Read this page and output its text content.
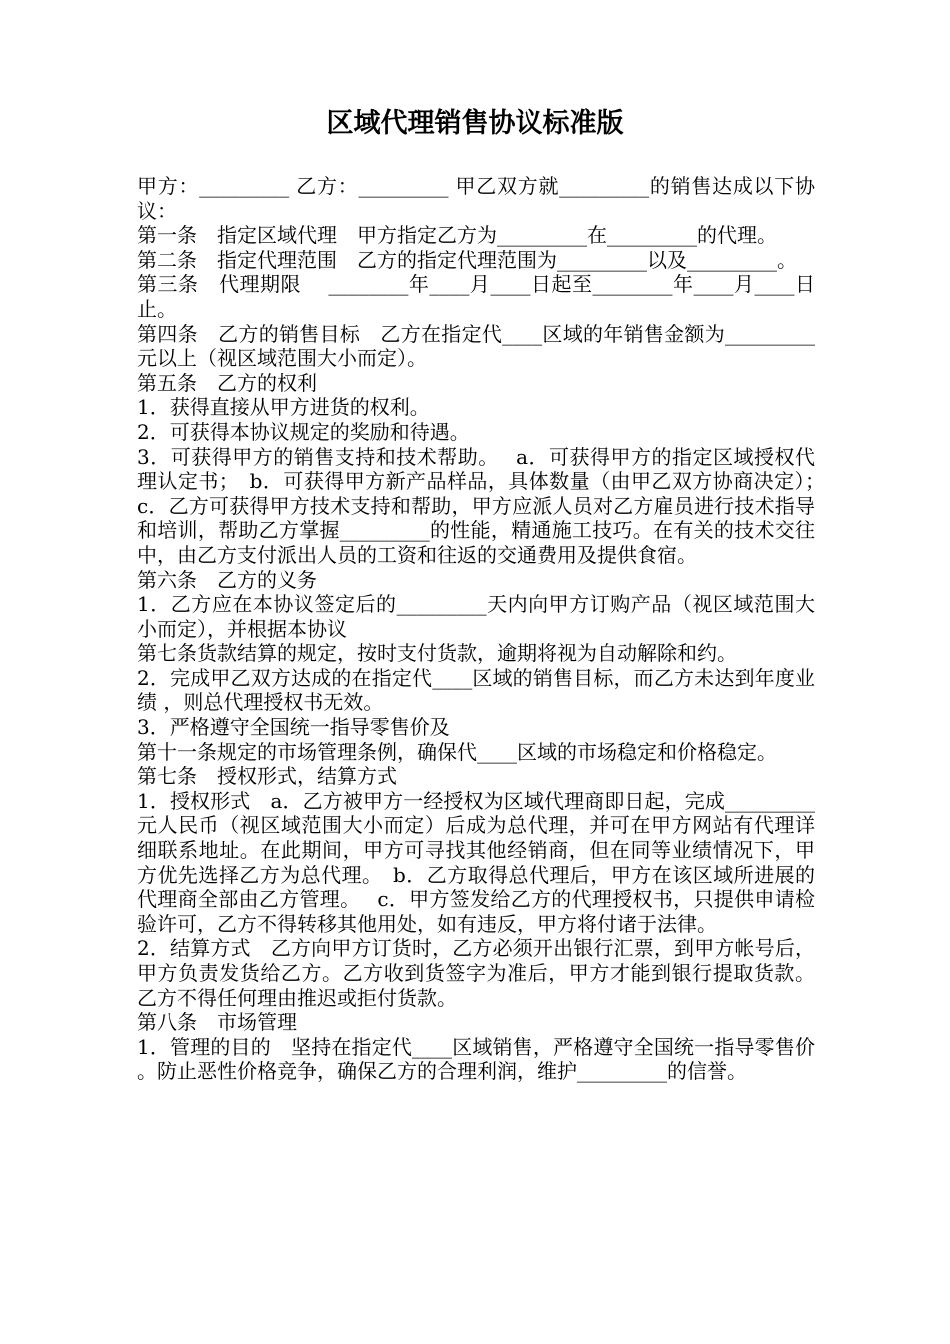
区域代理销售协议标准版

甲方：_________ 乙方：_________ 甲乙双方就_________的销售达成以下协议：

第一条　指定区域代理　甲方指定乙方为_________在_________的代理。

第二条　指定代理范围　乙方的指定代理范围为_________以及_________。

第三条　代理期限　 ________年____月____日起至________年____月____日止。

第四条　乙方的销售目标　乙方在指定代____区域的年销售金额为_________元以上（视区域范围大小而定）。

第五条　乙方的权利

1．获得直接从甲方进货的权利。

2．可获得本协议规定的奖励和待遇。

3．可获得甲方的销售支持和技术帮助。　 a．可获得甲方的指定区域授权代理认定书；　b．可获得甲方新产品样品，具体数量（由甲乙双方协商决定）；　 c．乙方可获得甲方技术支持和帮助，甲方应派人员对乙方雇员进行技术指导和培训，帮助乙方掌握_________的性能，精通施工技巧。在有关的技术交往中，由乙方支付派出人员的工资和往返的交通费用及提供食宿。

第六条　乙方的义务

1．乙方应在本协议签定后的_________天内向甲方订购产品（视区域范围大小而定），并根据本协议

第七条货款结算的规定，按时支付货款，逾期将视为自动解除和约。

2．完成甲乙双方达成的在指定代____区域的销售目标，而乙方未达到年度业绩 ，则总代理授权书无效。

3．严格遵守全国统一指导零售价及

第十一条规定的市场管理条例，确保代____区域的市场稳定和价格稳定。

第七条　授权形式，结算方式

1．授权形式　a．乙方被甲方一经授权为区域代理商即日起，完成_________元人民币（视区域范围大小而定）后成为总代理，并可在甲方网站有代理详细联系地址。在此期间，甲方可寻找其他经销商，但在同等业绩情况下，甲方优先选择乙方为总代理。　b．乙方取得总代理后，甲方在该区域所进展的代理商全部由乙方管理。　 c．甲方签发给乙方的代理授权书，只提供申请检验许可，乙方不得转移其他用处，如有违反，甲方将付诸于法律。

2．结算方式　乙方向甲方订货时，乙方必须开出银行汇票，到甲方帐号后，甲方负责发货给乙方。乙方收到货签字为准后，甲方才能到银行提取货款。乙方不得任何理由推迟或拒付货款。

第八条　市场管理

1．管理的目的　坚持在指定代____区域销售，严格遵守全国统一指导零售价。防止恶性价格竞争，确保乙方的合理利润，维护_________的信誉。
